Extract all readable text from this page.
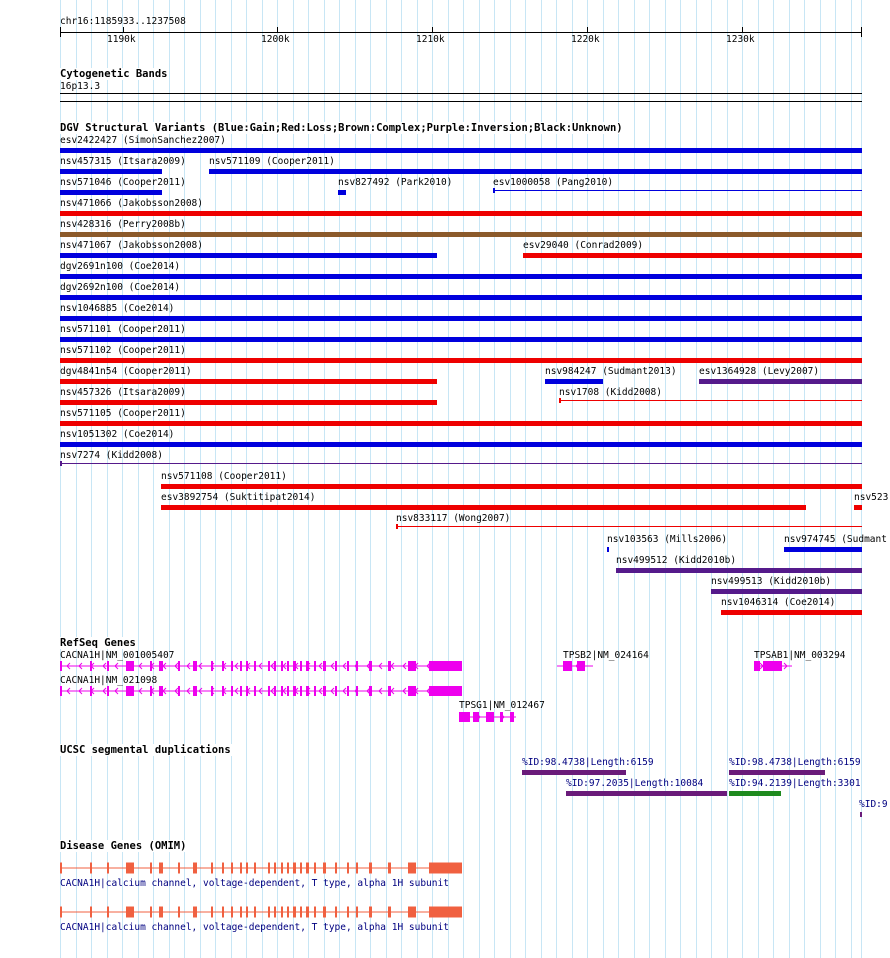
chr16:1185933..1237508
1190k	1200k	1210k	1220k	1230k
Cytogenetic Bands
16p13.3
DGV Structural Variants (Blue:Gain;Red:Loss;Brown:Complex;Purple:Inversion;Black:Unknown)
esv2422427 (SimonSanchez2007)
nsv457315 (Itsara2009) nsv571109 (Cooper2011)
nsv571046 (Cooper2011)	nsv827492 (Park2010)	esv1000058 (Pang2010)
nsv471066 (Jakobsson2008)
nsv428316 (Perry2008b)
nsv471067 (Jakobsson2008)	esv29040 (Conrad2009)
dgv2691n100 (Coe2014)
dgv2692n100 (Coe2014)
nsv1046885 (Coe2014)
nsv571101 (Cooper2011)
nsv571102 (Cooper2011)
dgv4841n54 (Cooper2011)	nsv984247 (Sudmant2013) esv1364928 (Levy2007)
nsv457326 (Itsara2009)	nsv1708 (Kidd2008)
nsv571105 (Cooper2011)
nsv1051302 (Coe2014)
nsv7274 (Kidd2008)
nsv571108 (Cooper2011)
esv3892754 (Suktitipat2014)	nsv523
nsv833117 (Wong2007)
nsv103563 (Mills2006)	nsv974745 (Sudmant
nsv499512 (Kidd2010b)
nsv499513 (Kidd2010b)
nsv1046314 (Coe2014)
RefSeq Genes
CACNA1H|NM_001005407	TPSB2|NM_024164	TPSAB1|NM_003294
CACNA1H|NM_021098
TPSG1|NM_012467
UCSC segmental duplications
%ID:98.4738|Length:6159	%ID:98.4738|Length:6159
%ID:97.2035|Length:10084	%ID:94.2139|Length:3301
%ID:9
Disease Genes (OMIM)
CACNA1H|calcium channel, voltage-dependent, T type, alpha 1H subunit
CACNA1H|calcium channel, voltage-dependent, T type, alpha 1H subunit
